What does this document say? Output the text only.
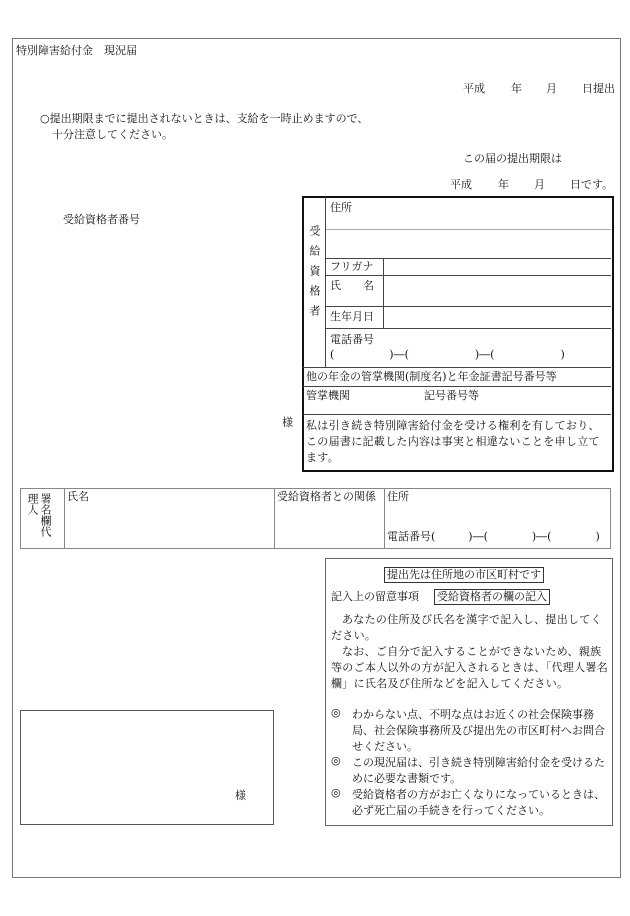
特別障害給付金　現況届
平成 年 月 日提出
○提出期限までに提出されないときは、支給を一時止めますので、
十分注意してください。
この届の提出期限は
平成 年 月 日です。
受給資格者番号
様
受給資格者
住所
フリガナ
氏　　名
生年月日
電話番号
(　　　　　)―(　　　　　　)―(　　　　　　)
他の年金の管掌機関(制度名)と年金証書記号番号等
管掌機関	記号番号等
私は引き続き特別障害給付金を受ける権利を有しており、この届書に記載した内容は事実と相違ないことを申し立てます。
署名欄代理人	氏名	受給資格者との関係 住所
電話番号(　　　)―(　　　　)―(　　　　)
提出先は住所地の市区町村です
記入上の留意事項 受給資格者の欄の記入
あなたの住所及び氏名を漢字で記入し、提出してください。
なお、ご自分で記入することができないため、親族等のご本人以外の方が記入されるときは、「代理人署名欄」に氏名及び住所などを記入してください。
◎ わからない点、不明な点はお近くの社会保険事務局、社会保険事務所及び提出先の市区町村へお問合せください。
◎ この現況届は、引き続き特別障害給付金を受けるために必要な書類です。
◎ 受給資格者の方がお亡くなりになっているときは、必ず死亡届の手続きを行ってください。
様
